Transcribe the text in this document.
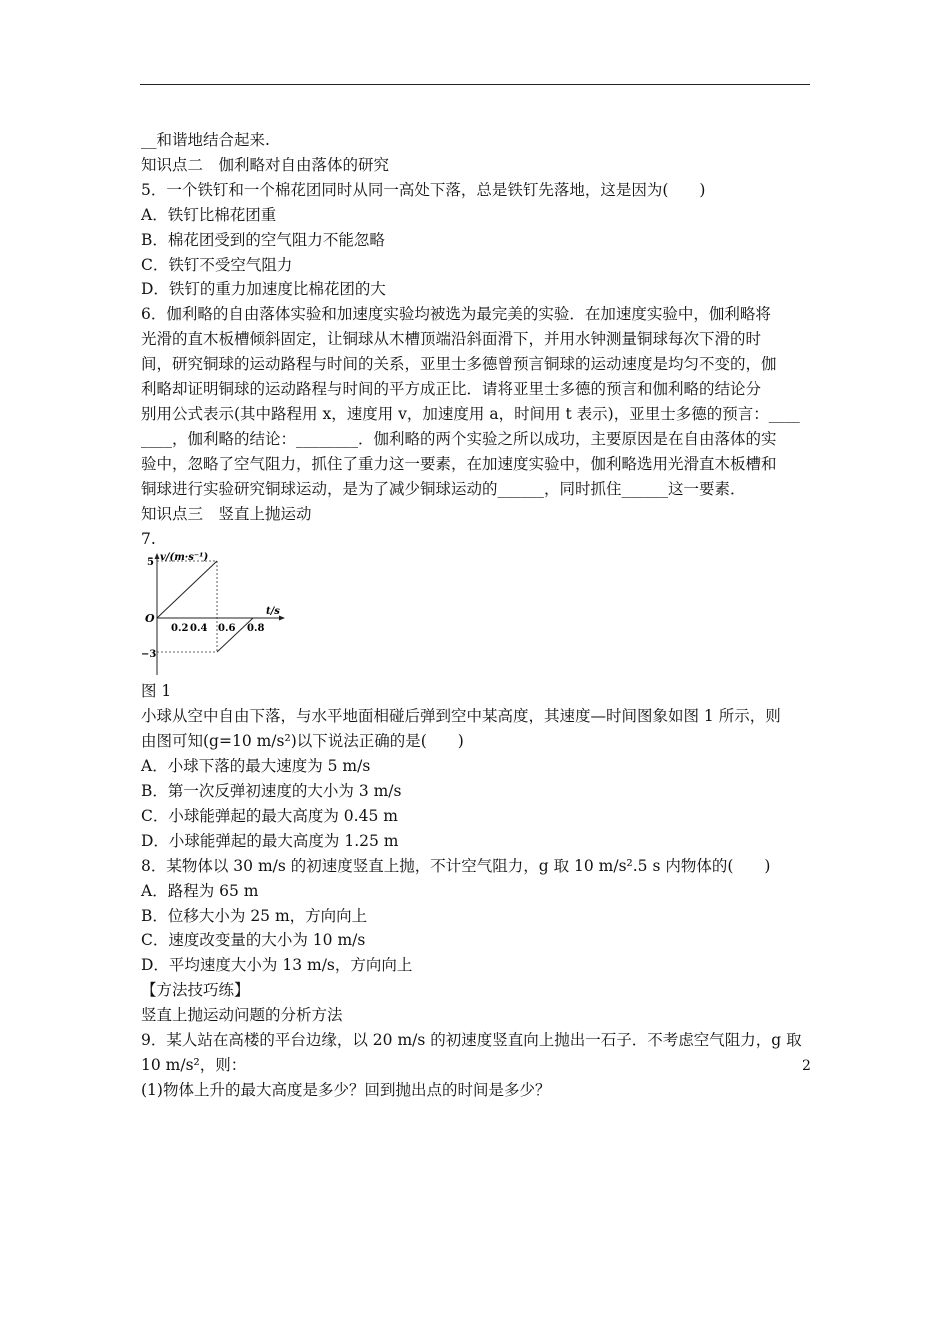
__和谐地结合起来.
知识点二　伽利略对自由落体的研究
5．一个铁钉和一个棉花团同时从同一高处下落，总是铁钉先落地，这是因为(　　)
A．铁钉比棉花团重
B．棉花团受到的空气阻力不能忽略
C．铁钉不受空气阻力
D．铁钉的重力加速度比棉花团的大
6．伽利略的自由落体实验和加速度实验均被选为最完美的实验．在加速度实验中，伽利略将
光滑的直木板槽倾斜固定，让铜球从木槽顶端沿斜面滑下，并用水钟测量铜球每次下滑的时
间，研究铜球的运动路程与时间的关系，亚里士多德曾预言铜球的运动速度是均匀不变的，伽
利略却证明铜球的运动路程与时间的平方成正比．请将亚里士多德的预言和伽利略的结论分
别用公式表示(其中路程用 x，速度用 v，加速度用 a，时间用 t 表示)，亚里士多德的预言：____
____，伽利略的结论：________．伽利略的两个实验之所以成功，主要原因是在自由落体的实
验中，忽略了空气阻力，抓住了重力这一要素，在加速度实验中，伽利略选用光滑直木板槽和
铜球进行实验研究铜球运动，是为了减少铜球运动的______，同时抓住______这一要素．
知识点三　竖直上抛运动
7.
v/(m·s⁻¹)
t/s
O
5
−3
0.2 0.4 0.6 0.8
图 1
小球从空中自由下落，与水平地面相碰后弹到空中某高度，其速度—时间图象如图 1 所示，则
由图可知(g=10 m/s²)以下说法正确的是(　　)
A．小球下落的最大速度为 5 m/s
B．第一次反弹初速度的大小为 3 m/s
C．小球能弹起的最大高度为 0.45 m
D．小球能弹起的最大高度为 1.25 m
8．某物体以 30 m/s 的初速度竖直上抛，不计空气阻力，g 取 10 m/s².5 s 内物体的(　　)
A．路程为 65 m
B．位移大小为 25 m，方向向上
C．速度改变量的大小为 10 m/s
D．平均速度大小为 13 m/s，方向向上
【方法技巧练】
竖直上抛运动问题的分析方法
9．某人站在高楼的平台边缘，以 20 m/s 的初速度竖直向上抛出一石子．不考虑空气阻力，g 取
10 m/s²，则：
(1)物体上升的最大高度是多少？回到抛出点的时间是多少？
2
